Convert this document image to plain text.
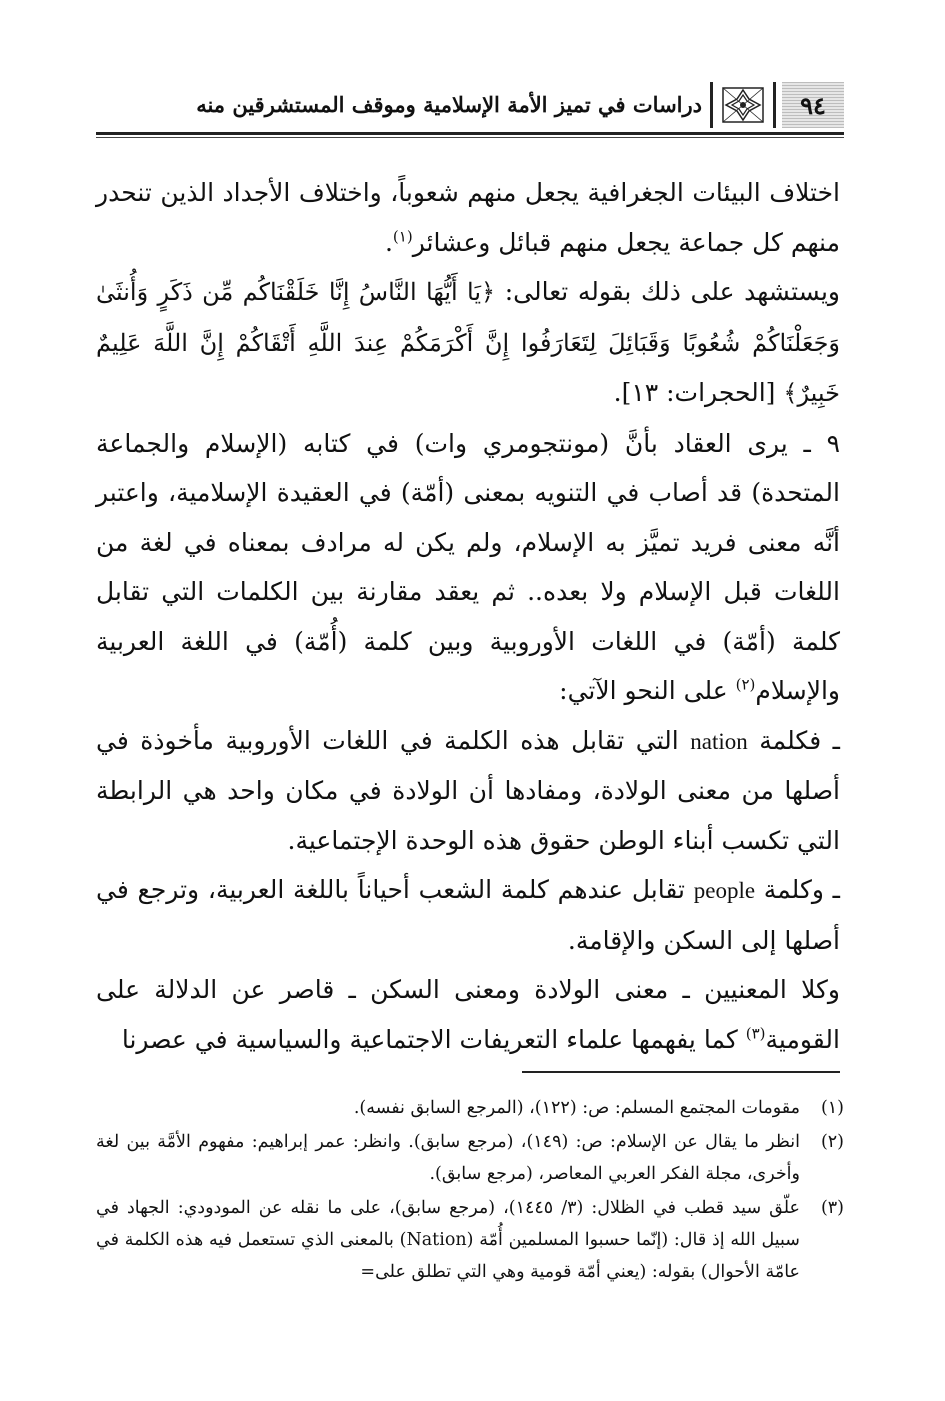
٩٤
دراسات في تميز الأمة الإسلامية وموقف المستشرقين منه

اختلاف البيئات الجغرافية يجعل منهم شعوباً، واختلاف الأجداد الذين تنحدر منهم كل جماعة يجعل منهم قبائل وعشائر$^{(١)}$.

ويستشهد على ذلك بقوله تعالى: ﴿يَا أَيُّهَا النَّاسُ إِنَّا خَلَقْنَاكُم مِّن ذَكَرٍ وَأُنثَىٰ وَجَعَلْنَاكُمْ شُعُوبًا وَقَبَائِلَ لِتَعَارَفُوا إِنَّ أَكْرَمَكُمْ عِندَ اللَّهِ أَتْقَاكُمْ إِنَّ اللَّهَ عَلِيمٌ خَبِيرٌ﴾ [الحجرات: ١٣].

٩ ـ يرى العقاد بأنَّ (مونتجومري وات) في كتابه (الإسلام والجماعة المتحدة) قد أصاب في التنويه بمعنى (أمّة) في العقيدة الإسلامية، واعتبر أنَّه معنى فريد تميَّز به الإسلام، ولم يكن له مرادف بمعناه في لغة من اللغات قبل الإسلام ولا بعده.. ثم يعقد مقارنة بين الكلمات التي تقابل كلمة (أمّة) في اللغات الأوروبية وبين كلمة (أُمّة) في اللغة العربية والإسلام$^{(٢)}$ على النحو الآتي:

ـ فكلمة nation التي تقابل هذه الكلمة في اللغات الأوروبية مأخوذة في أصلها من معنى الولادة، ومفادها أن الولادة في مكان واحد هي الرابطة التي تكسب أبناء الوطن حقوق هذه الوحدة الإجتماعية.

ـ وكلمة people تقابل عندهم كلمة الشعب أحياناً باللغة العربية، وترجع في أصلها إلى السكن والإقامة.

وكلا المعنيين ـ معنى الولادة ومعنى السكن ـ قاصر عن الدلالة على القومية$^{(٣)}$ كما يفهمها علماء التعريفات الاجتماعية والسياسية في عصرنا

(١)
مقومات المجتمع المسلم: ص: (١٢٢)، (المرجع السابق نفسه).
(٢)
انظر ما يقال عن الإسلام: ص: (١٤٩)، (مرجع سابق). وانظر: عمر إبراهيم: مفهوم الأمَّة بين لغة وأخرى، مجلة الفكر العربي المعاصر، (مرجع سابق).
(٣)
علّق سيد قطب في الظلال: (٣/ ١٤٤٥)، (مرجع سابق)، على ما نقله عن المودودي: الجهاد في سبيل الله إذ قال: (إنّما حسبوا المسلمين أُمّة (Nation) بالمعنى الذي تستعمل فيه هذه الكلمة في عامّة الأحوال) بقوله: (يعني أمّة قومية وهي التي تطلق على=
